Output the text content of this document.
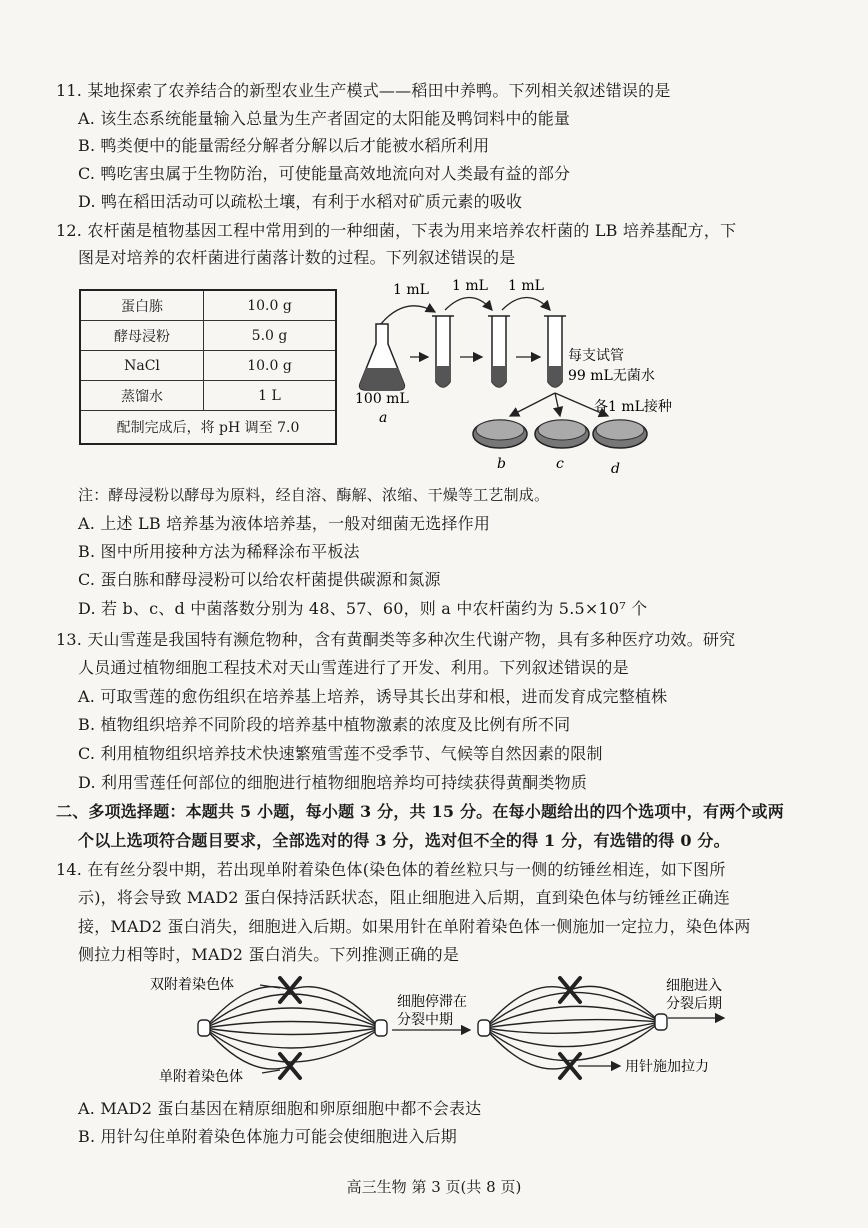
11. 某地探索了农养结合的新型农业生产模式——稻田中养鸭。下列相关叙述错误的是
A. 该生态系统能量输入总量为生产者固定的太阳能及鸭饲料中的能量
B. 鸭类便中的能量需经分解者分解以后才能被水稻所利用
C. 鸭吃害虫属于生物防治，可使能量高效地流向对人类最有益的部分
D. 鸭在稻田活动可以疏松土壤，有利于水稻对矿质元素的吸收
12. 农杆菌是植物基因工程中常用到的一种细菌，下表为用来培养农杆菌的 LB 培养基配方，下
图是对培养的农杆菌进行菌落计数的过程。下列叙述错误的是
蛋白胨	10.0 g
酵母浸粉	5.0 g
NaCl	10.0 g
蒸馏水	1 L
配制完成后，将 pH 调至 7.0	
1 mL 1 mL 1 mL
100 mL
a
每支试管
99 mL无菌水
各1 mL接种
b	c	d
注：酵母浸粉以酵母为原料，经自溶、酶解、浓缩、干燥等工艺制成。
A. 上述 LB 培养基为液体培养基，一般对细菌无选择作用
B. 图中所用接种方法为稀释涂布平板法
C. 蛋白胨和酵母浸粉可以给农杆菌提供碳源和氮源
D. 若 b、c、d 中菌落数分别为 48、57、60，则 a 中农杆菌约为 5.5×10⁷ 个
13. 天山雪莲是我国特有濒危物种，含有黄酮类等多种次生代谢产物，具有多种医疗功效。研究
人员通过植物细胞工程技术对天山雪莲进行了开发、利用。下列叙述错误的是
A. 可取雪莲的愈伤组织在培养基上培养，诱导其长出芽和根，进而发育成完整植株
B. 植物组织培养不同阶段的培养基中植物激素的浓度及比例有所不同
C. 利用植物组织培养技术快速繁殖雪莲不受季节、气候等自然因素的限制
D. 利用雪莲任何部位的细胞进行植物细胞培养均可持续获得黄酮类物质
二、多项选择题：本题共 5 小题，每小题 3 分，共 15 分。在每小题给出的四个选项中，有两个或两
个以上选项符合题目要求，全部选对的得 3 分，选对但不全的得 1 分，有选错的得 0 分。
14. 在有丝分裂中期，若出现单附着染色体(染色体的着丝粒只与一侧的纺锤丝相连，如下图所
示)，将会导致 MAD2 蛋白保持活跃状态，阻止细胞进入后期，直到染色体与纺锤丝正确连
接，MAD2 蛋白消失，细胞进入后期。如果用针在单附着染色体一侧施加一定拉力，染色体两
侧拉力相等时，MAD2 蛋白消失。下列推测正确的是
双附着染色体
单附着染色体
细胞停滞在
分裂中期
用针施加拉力
细胞进入
分裂后期
A. MAD2 蛋白基因在精原细胞和卵原细胞中都不会表达
B. 用针勾住单附着染色体施力可能会使细胞进入后期
高三生物 第 3 页(共 8 页)
